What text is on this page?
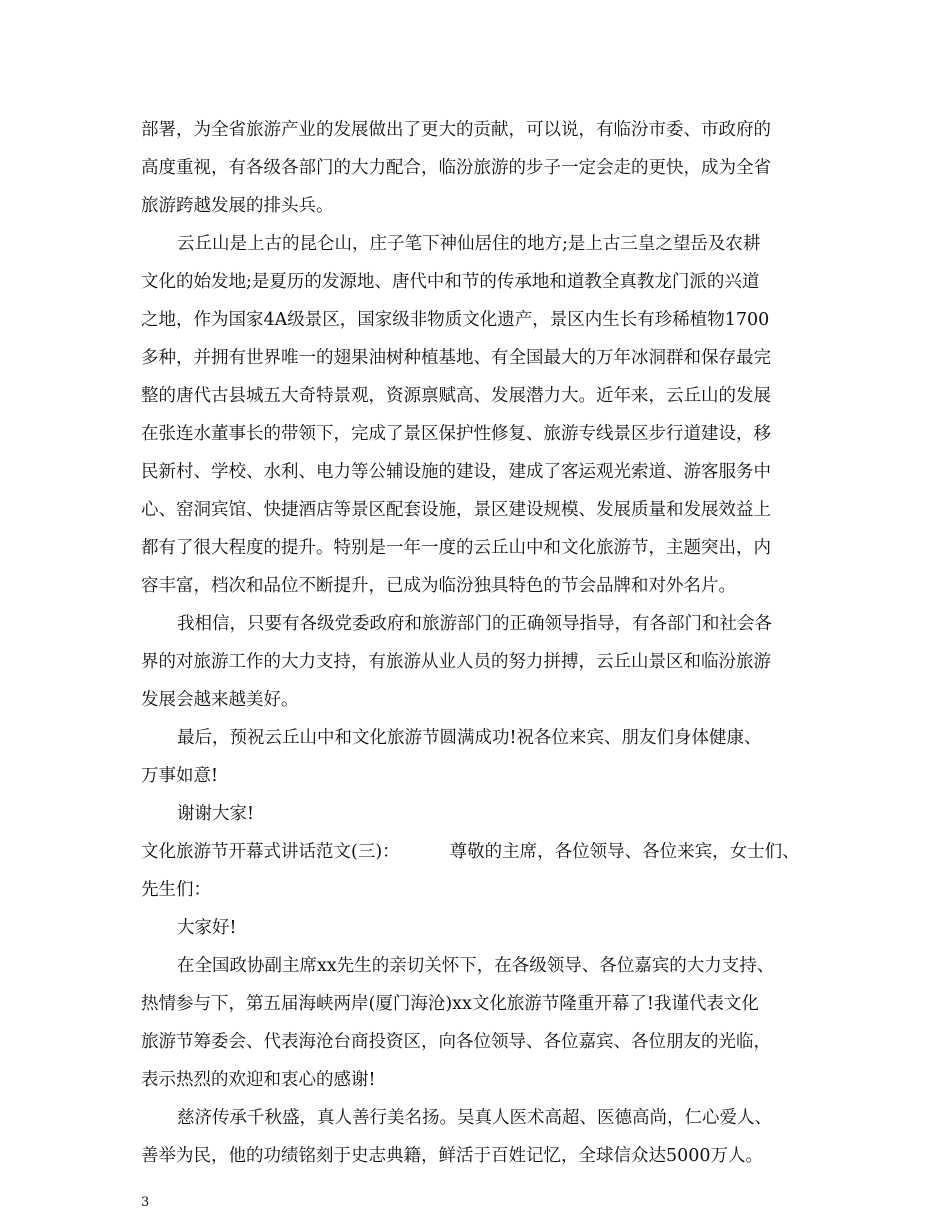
部署，为全省旅游产业的发展做出了更大的贡献，可以说，有临汾市委、市政府的
高度重视，有各级各部门的大力配合，临汾旅游的步子一定会走的更快，成为全省
旅游跨越发展的排头兵。
云丘山是上古的昆仑山，庄子笔下神仙居住的地方;是上古三皇之望岳及农耕
文化的始发地;是夏历的发源地、唐代中和节的传承地和道教全真教龙门派的兴道
之地，作为国家4A级景区，国家级非物质文化遗产，景区内生长有珍稀植物1700
多种，并拥有世界唯一的翅果油树种植基地、有全国最大的万年冰洞群和保存最完
整的唐代古县城五大奇特景观，资源禀赋高、发展潜力大。近年来，云丘山的发展
在张连水董事长的带领下，完成了景区保护性修复、旅游专线景区步行道建设，移
民新村、学校、水利、电力等公辅设施的建设，建成了客运观光索道、游客服务中
心、窑洞宾馆、快捷酒店等景区配套设施，景区建设规模、发展质量和发展效益上
都有了很大程度的提升。特别是一年一度的云丘山中和文化旅游节，主题突出，内
容丰富，档次和品位不断提升，已成为临汾独具特色的节会品牌和对外名片。
我相信，只要有各级党委政府和旅游部门的正确领导指导，有各部门和社会各
界的对旅游工作的大力支持，有旅游从业人员的努力拼搏，云丘山景区和临汾旅游
发展会越来越美好。
最后，预祝云丘山中和文化旅游节圆满成功!祝各位来宾、朋友们身体健康、
万事如意!
谢谢大家!
文化旅游节开幕式讲话范文(三)：	尊敬的主席，各位领导、各位来宾，女士们、
先生们：
大家好!
在全国政协副主席xx先生的亲切关怀下，在各级领导、各位嘉宾的大力支持、
热情参与下，第五届海峡两岸(厦门海沧)xx文化旅游节隆重开幕了!我谨代表文化
旅游节筹委会、代表海沧台商投资区，向各位领导、各位嘉宾、各位朋友的光临，
表示热烈的欢迎和衷心的感谢!
慈济传承千秋盛，真人善行美名扬。吴真人医术高超、医德高尚，仁心爱人、
善举为民，他的功绩铭刻于史志典籍，鲜活于百姓记忆，全球信众达5000万人。
3
